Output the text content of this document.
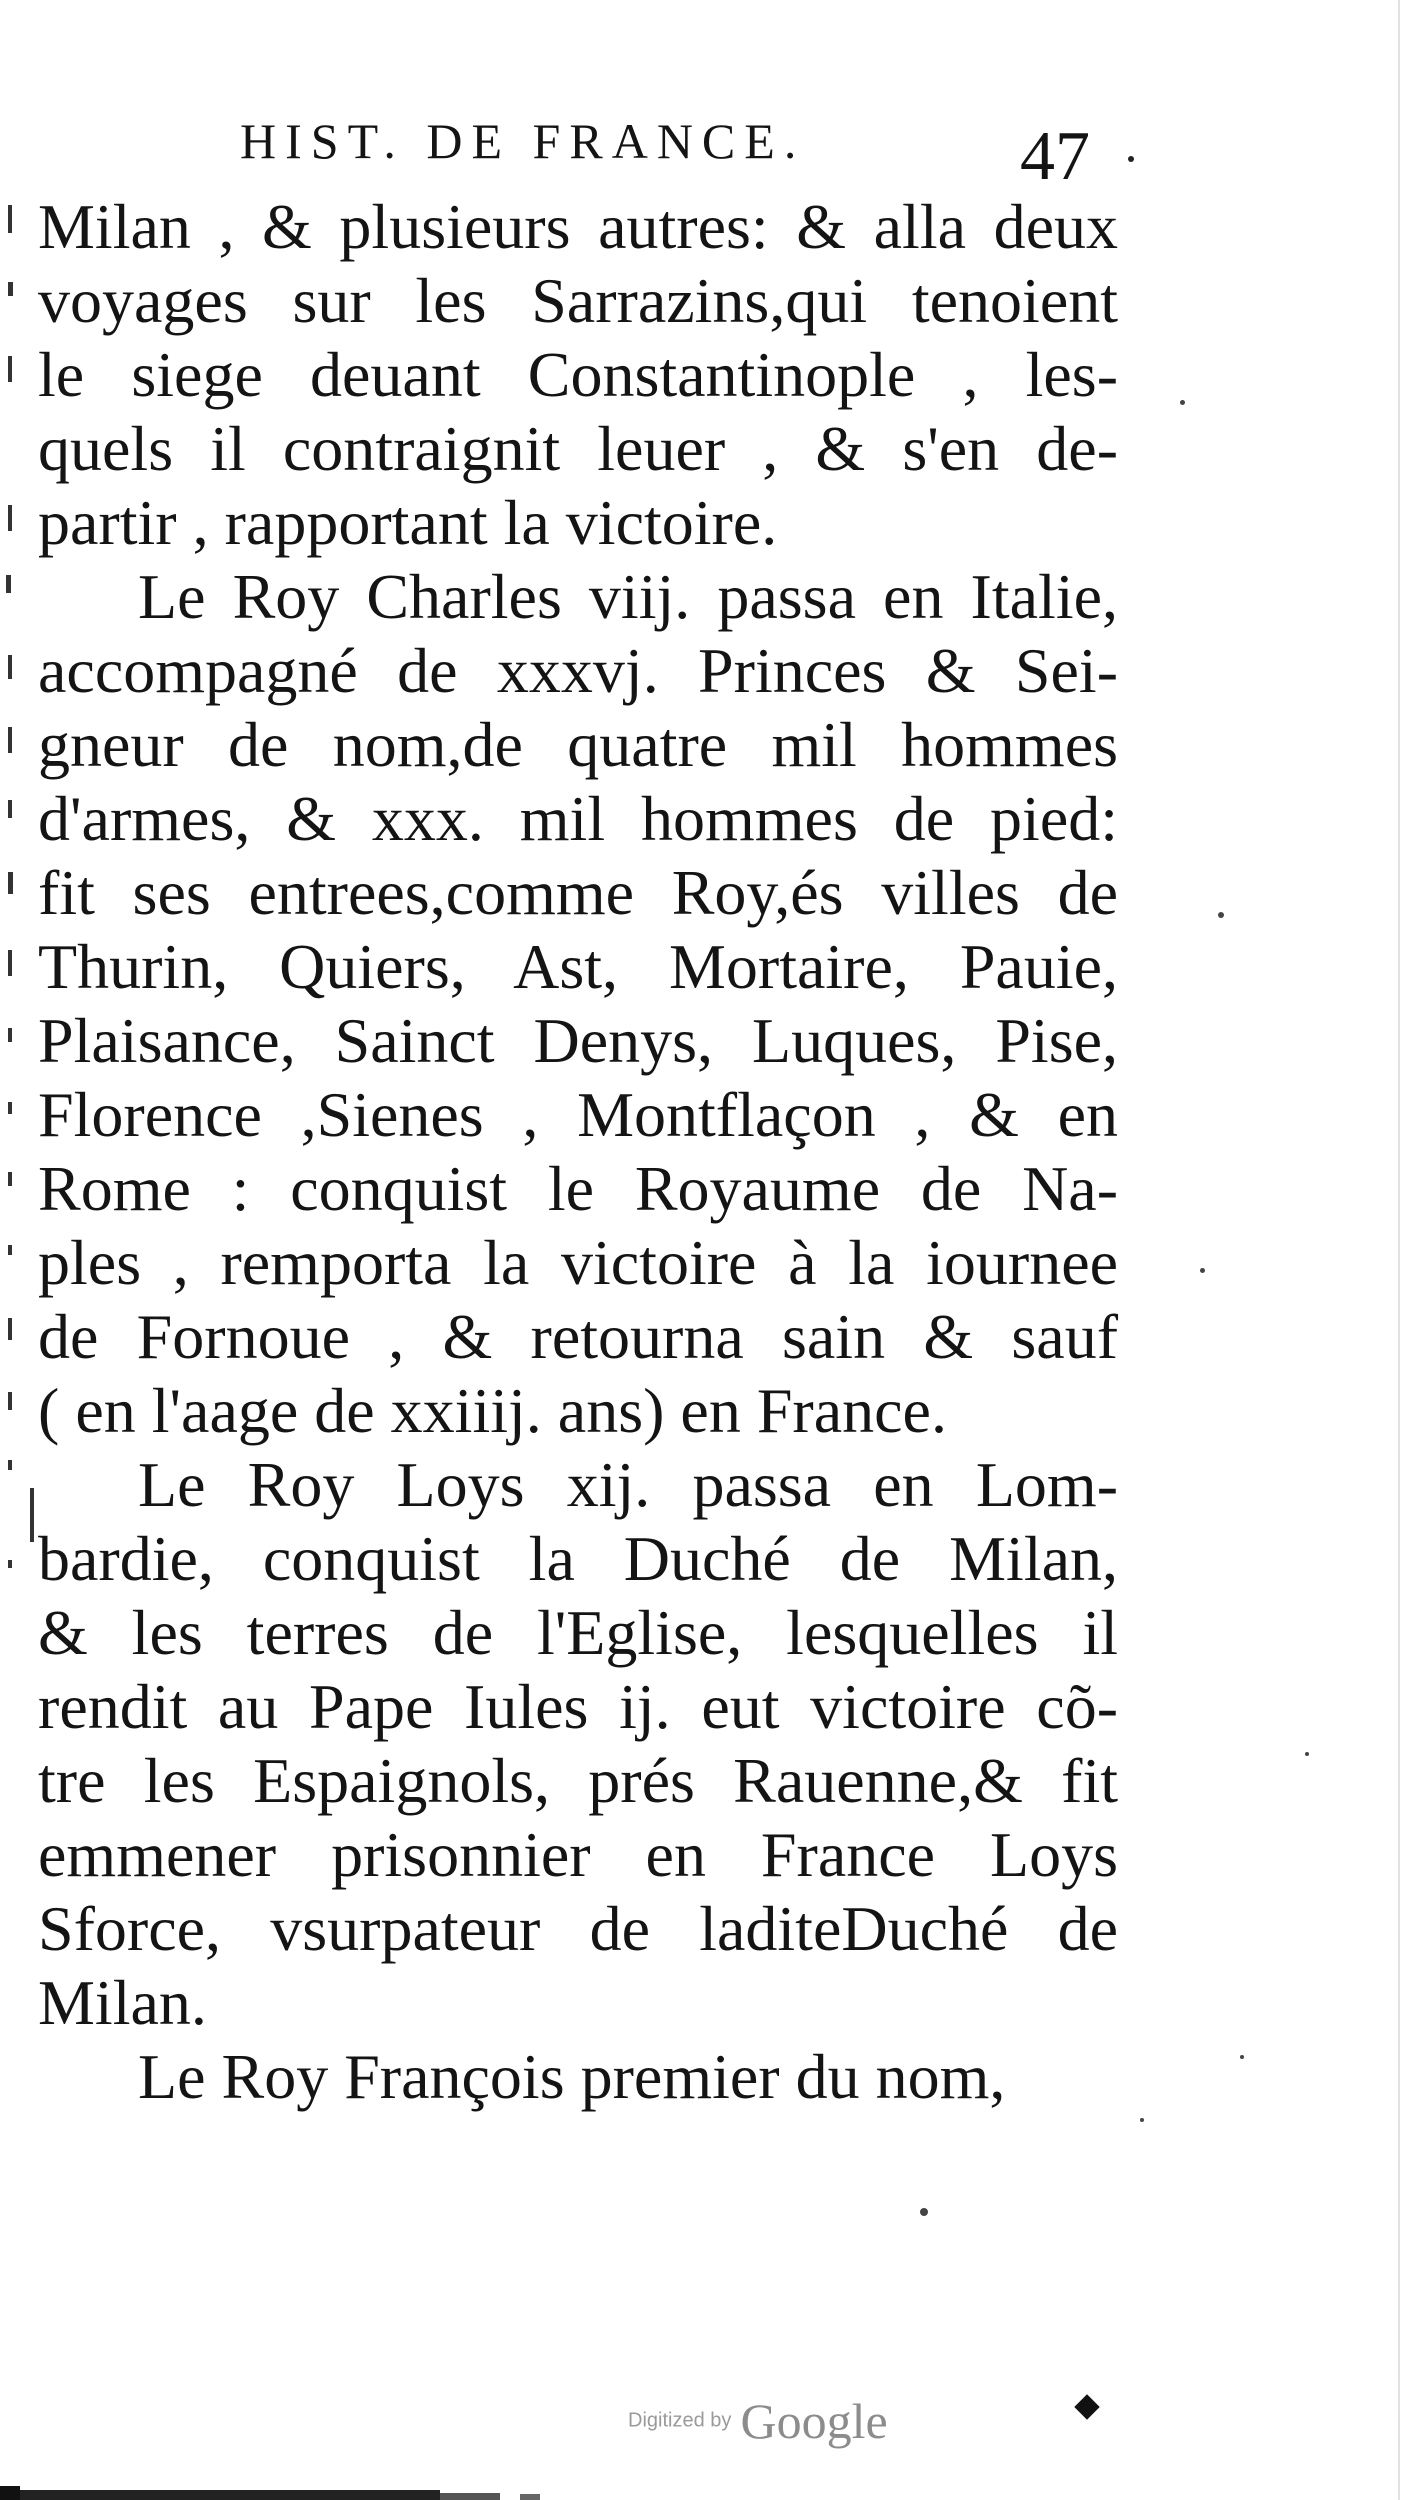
HIST. DE FRANCE.	47
Milan , & plusieurs autres: & alla deux
voyages sur les Sarrazins,qui tenoient
le siege deuant Constantinople , les-
quels il contraignit leuer , & s'en de-
partir , rapportant la victoire.
Le Roy Charles viij. passa en Italie,
accompagné de xxxvj. Princes & Sei-
gneur de nom,de quatre mil hommes
d'armes, & xxx. mil hommes de pied:
fit ses entrees,comme Roy,és villes de
Thurin, Quiers, Ast, Mortaire, Pauie,
Plaisance, Sainct Denys, Luques, Pise,
Florence ,Sienes , Montflaçon , & en
Rome : conquist le Royaume de Na-
ples , remporta la victoire à la iournee
de Fornoue , & retourna sain & sauf
( en l'aage de xxiiij. ans) en France.
Le Roy Loys xij. passa en Lom-
bardie, conquist la Duché de Milan,
& les terres de l'Eglise, lesquelles il
rendit au Pape Iules ij. eut victoire cõ-
tre les Espaignols, prés Rauenne,& fit
emmener prisonnier en France Loys
Sforce, vsurpateur de laditeDuché de
Milan.
Le Roy François premier du nom,
Digitized by Google
